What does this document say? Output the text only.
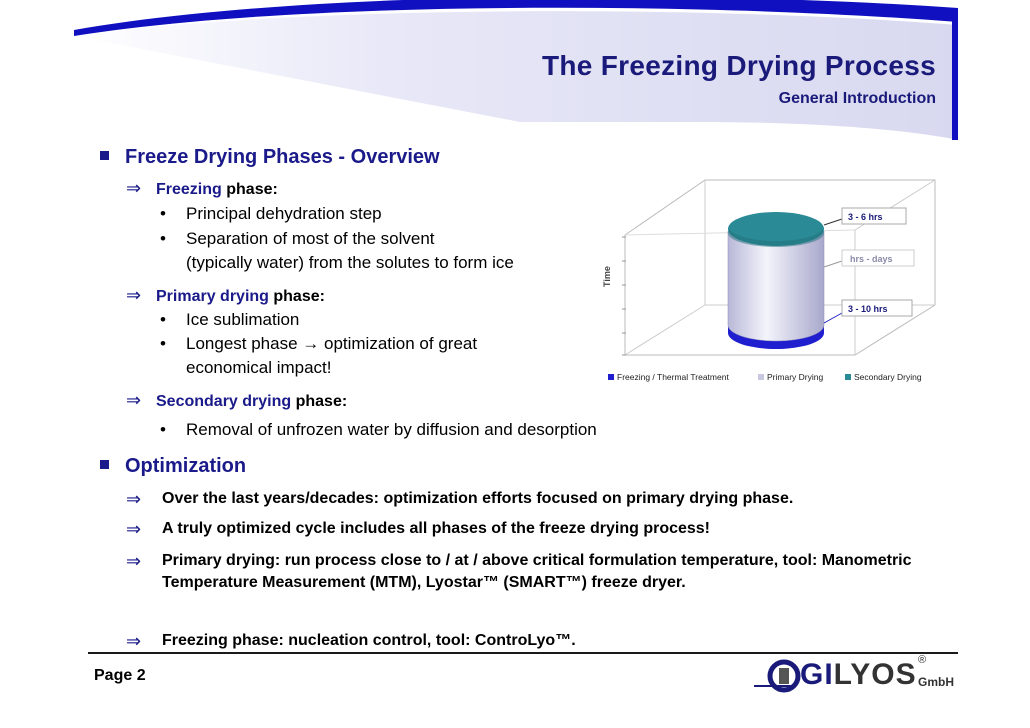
The Freezing Drying Process
General Introduction
Freeze Drying Phases - Overview
⇒ Freezing phase:
• Principal dehydration step
• Separation of most of the solvent
(typically water) from the solutes to form ice
⇒ Primary drying phase:
• Ice sublimation
• Longest phase → optimization of great
economical impact!
⇒ Secondary drying phase:
• Removal of unfrozen water by diffusion and desorption
Optimization
⇒ Over the last years/decades: optimization efforts focused on primary drying phase.
⇒ A truly optimized cycle includes all phases of the freeze drying process!
⇒ Primary drying: run process close to / at / above critical formulation temperature, tool: Manometric Temperature Measurement (MTM), Lyostar™ (SMART™) freeze dryer.
⇒ Freezing phase: nucleation control, tool: ControLyo™.
Time
3 - 6 hrs
hrs - days
3 - 10 hrs
Freezing / Thermal Treatment	Primary Drying	Secondary Drying
Page 2	GILYOS ®
GmbH
